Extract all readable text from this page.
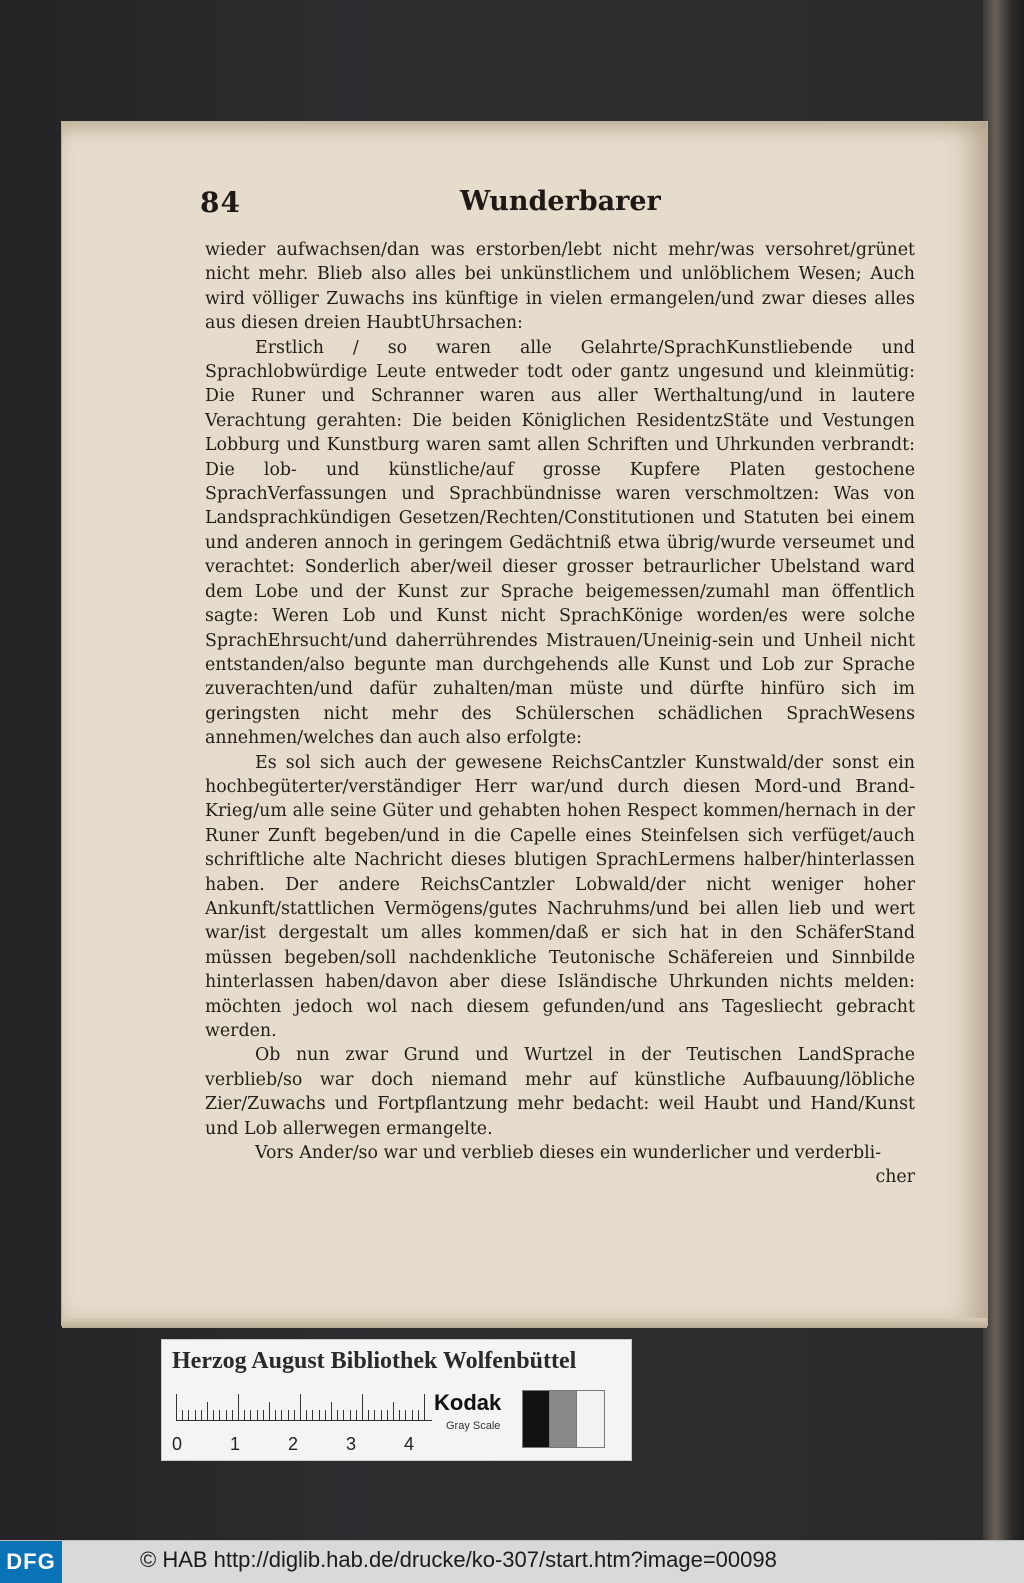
84	Wunderbarer

wieder aufwachsen/dan was erstorben/lebt nicht mehr/was versohret/grünet nicht mehr. Blieb also alles bei unkünstlichem und unlöblichem Wesen; Auch wird völliger Zuwachs ins künftige in vielen ermangelen/und zwar dieses alles aus diesen dreien HaubtUhrsachen:

Erstlich / so waren alle Gelahrte/SprachKunstliebende und Sprachlobwürdige Leute entweder todt oder gantz ungesund und kleinmütig: Die Runer und Schranner waren aus aller Werthaltung/und in lautere Verachtung gerahten: Die beiden Königlichen ResidentzStäte und Vestungen Lobburg und Kunstburg waren samt allen Schriften und Uhrkunden verbrandt: Die lob- und künstliche/auf grosse Kupfere Platen gestochene SprachVerfassungen und Sprachbündnisse waren verschmoltzen: Was von Landsprachkündigen Gesetzen/Rechten/Constitutionen und Statuten bei einem und anderen annoch in geringem Gedächtniß etwa übrig/wurde verseumet und verachtet: Sonderlich aber/weil dieser grosser betraurlicher Ubelstand ward dem Lobe und der Kunst zur Sprache beigemessen/zumahl man öffentlich sagte: Weren Lob und Kunst nicht SprachKönige worden/es were solche SprachEhrsucht/und daherrührendes Mistrauen/Uneinig-sein und Unheil nicht entstanden/also begunte man durchgehends alle Kunst und Lob zur Sprache zuverachten/und dafür zuhalten/man müste und dürfte hinfüro sich im geringsten nicht mehr des Schülerschen schädlichen SprachWesens annehmen/welches dan auch also erfolgte:

Es sol sich auch der gewesene ReichsCantzler Kunstwald/der sonst ein hochbegüterter/verständiger Herr war/und durch diesen Mord-und Brand-Krieg/um alle seine Güter und gehabten hohen Respect kommen/hernach in der Runer Zunft begeben/und in die Capelle eines Steinfelsen sich verfüget/auch schriftliche alte Nachricht dieses blutigen SprachLermens halber/hinterlassen haben. Der andere ReichsCantzler Lobwald/der nicht weniger hoher Ankunft/stattlichen Vermögens/gutes Nachruhms/und bei allen lieb und wert war/ist dergestalt um alles kommen/daß er sich hat in den SchäferStand müssen begeben/soll nachdenkliche Teutonische Schäfereien und Sinnbilde hinterlassen haben/davon aber diese Isländische Uhrkunden nichts melden: möchten jedoch wol nach diesem gefunden/und ans Tagesliecht gebracht werden.

Ob nun zwar Grund und Wurtzel in der Teutischen LandSprache verblieb/so war doch niemand mehr auf künstliche Aufbauung/löbliche Zier/Zuwachs und Fortpflantzung mehr bedacht: weil Haubt und Hand/Kunst und Lob allerwegen ermangelte.

Vors Ander/so war und verblieb dieses ein wunderlicher und verderbli-

cher

Herzog August Bibliothek Wolfenbüttel
0	1	2	3	4
Kodak
Gray Scale
DFG	© HAB http://diglib.hab.de/drucke/ko-307/start.htm?image=00098
